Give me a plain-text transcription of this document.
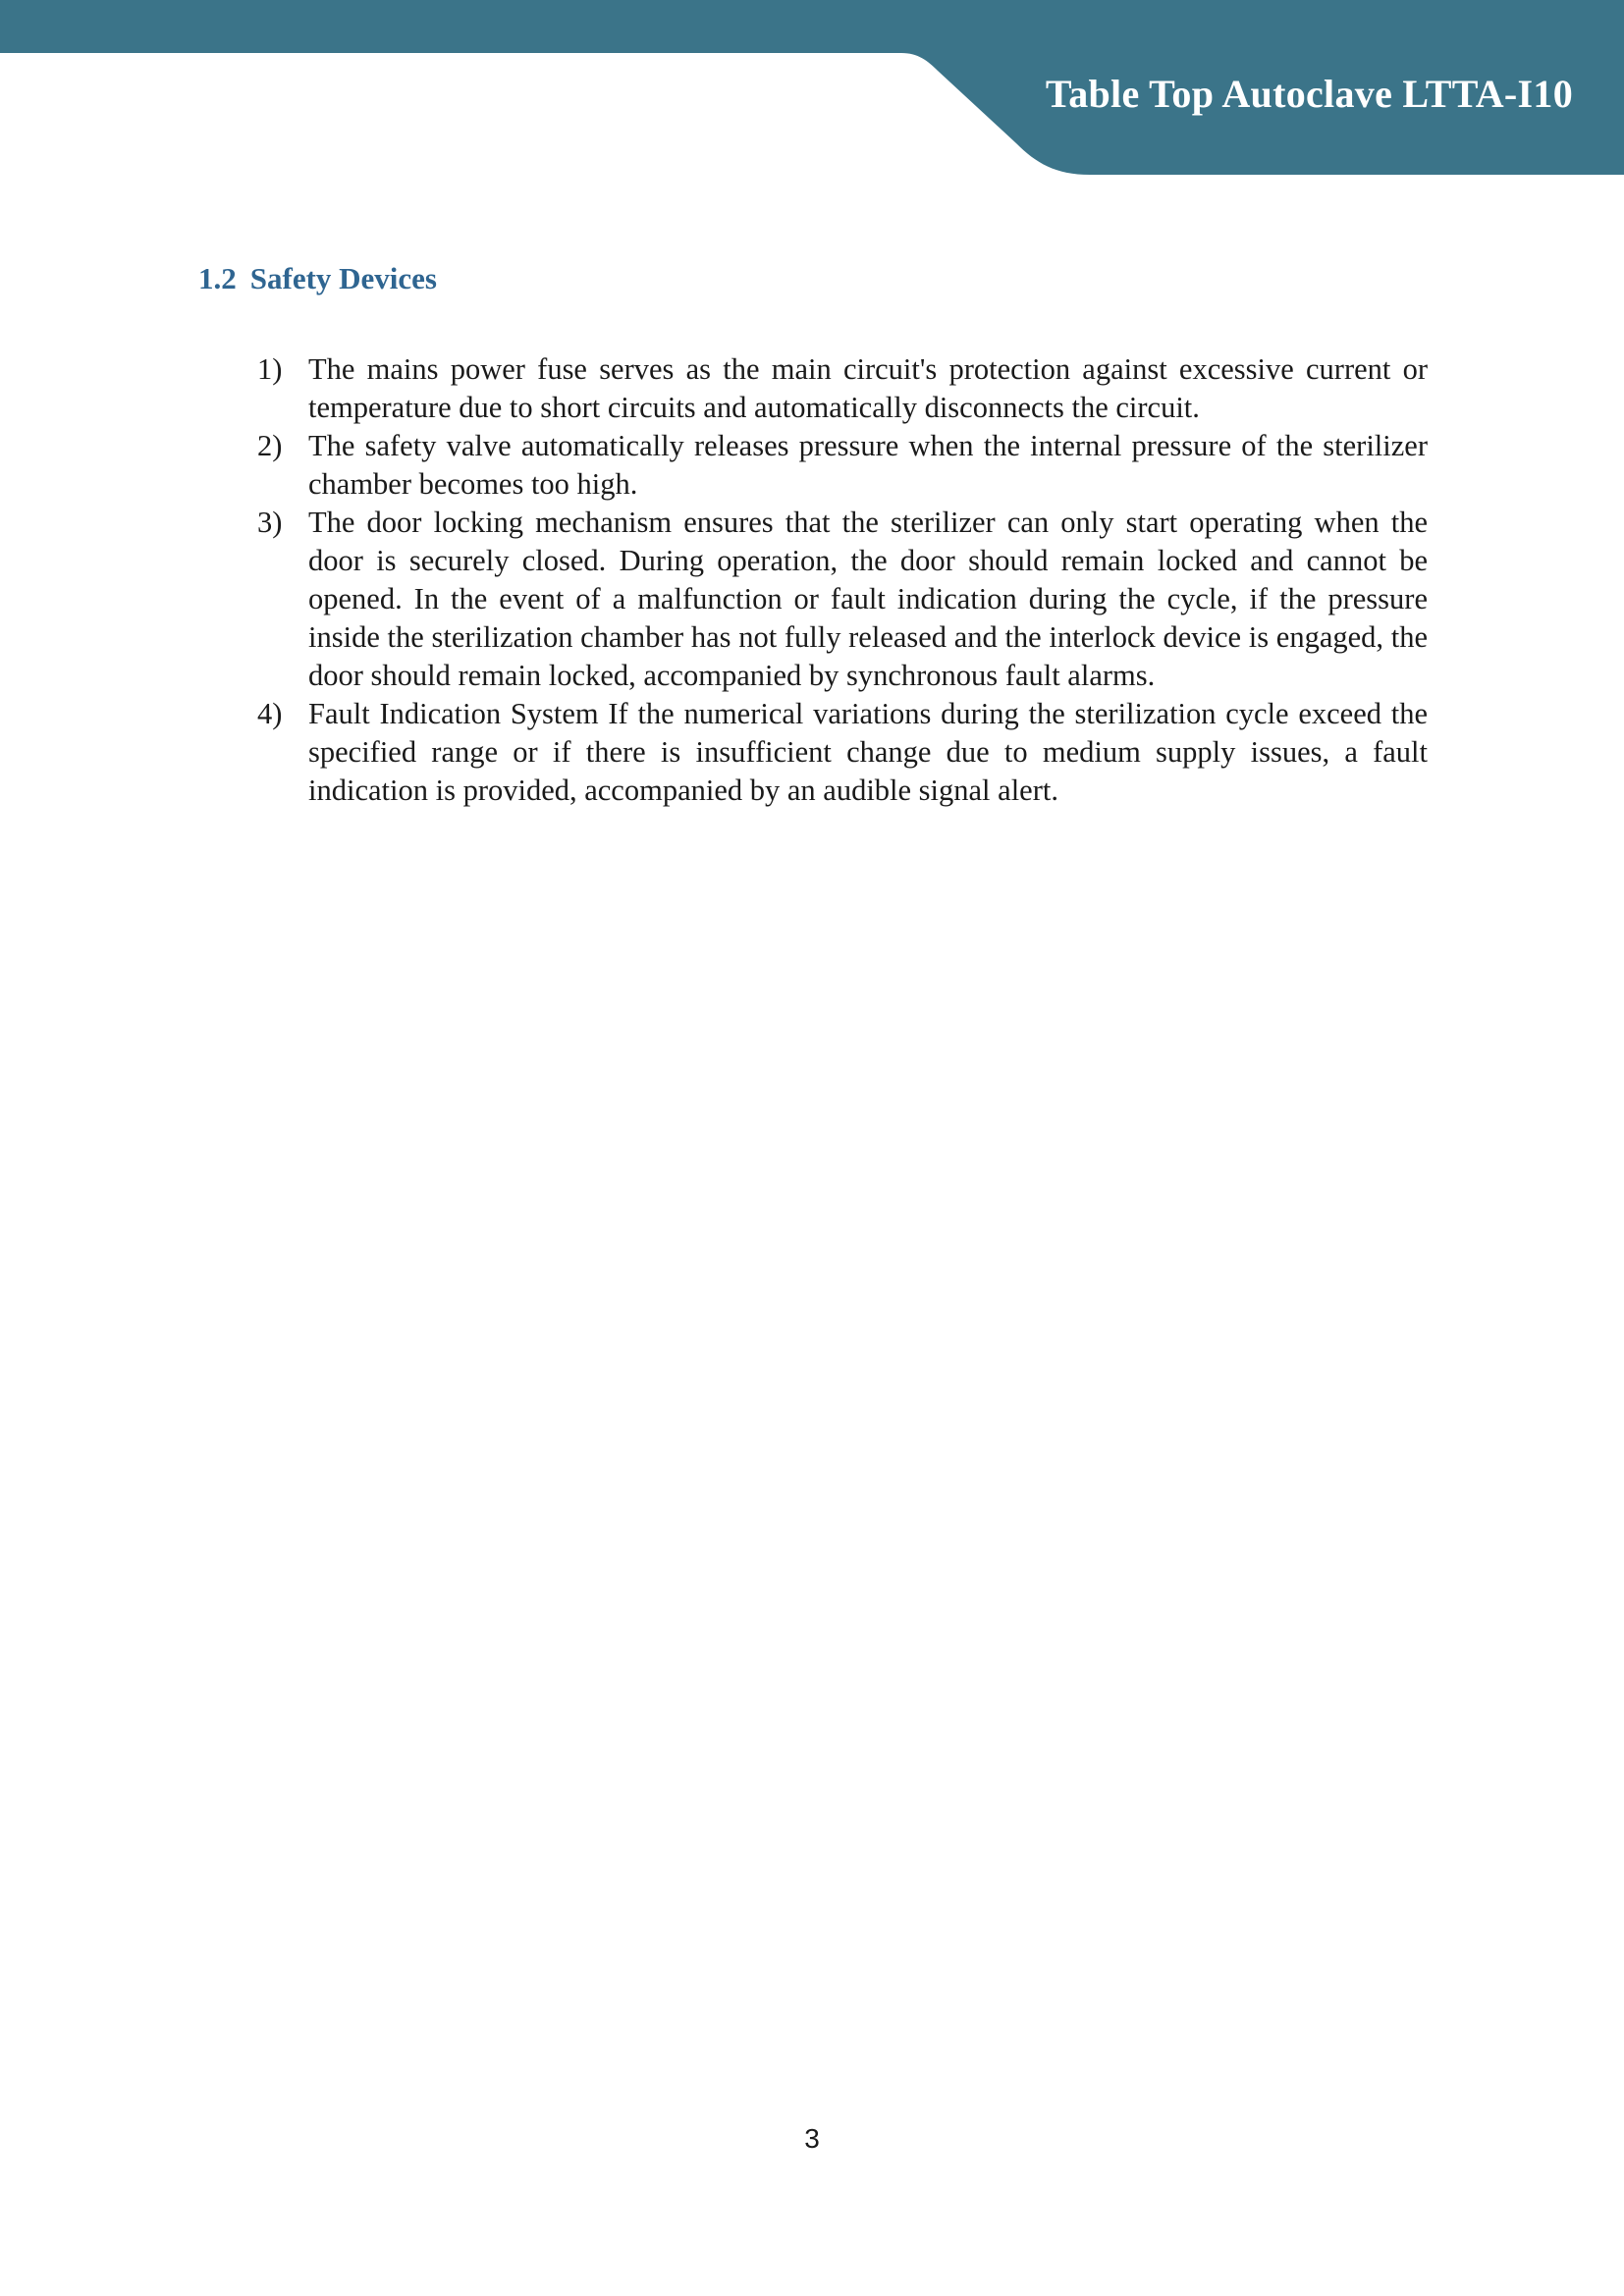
Table Top Autoclave LTTA-I10
1.2 Safety Devices
1) The mains power fuse serves as the main circuit's protection against excessive current or temperature due to short circuits and automatically disconnects the circuit.
2) The safety valve automatically releases pressure when the internal pressure of the sterilizer chamber becomes too high.
3) The door locking mechanism ensures that the sterilizer can only start operating when the door is securely closed. During operation, the door should remain locked and cannot be opened. In the event of a malfunction or fault indication during the cycle, if the pressure inside the sterilization chamber has not fully released and the interlock device is engaged, the door should remain locked, accompanied by synchronous fault alarms.
4) Fault Indication System If the numerical variations during the sterilization cycle exceed the specified range or if there is insufficient change due to medium supply issues, a fault indication is provided, accompanied by an audible signal alert.
3
